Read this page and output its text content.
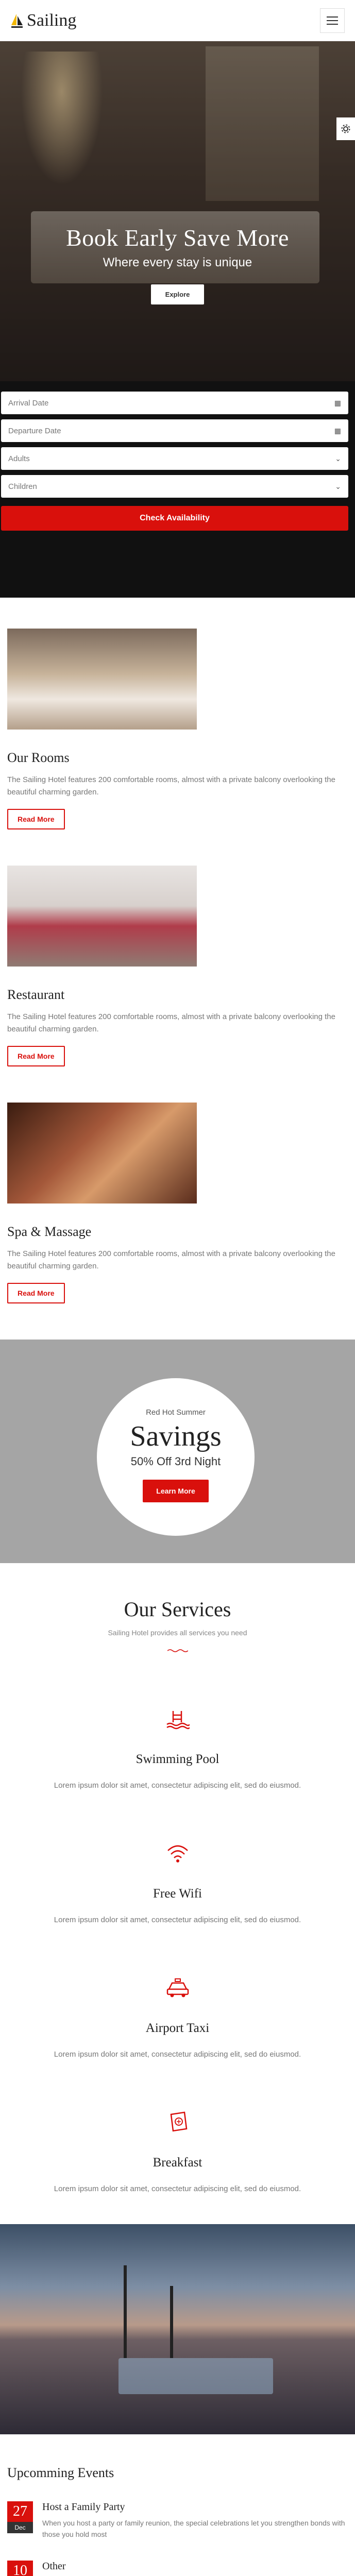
Sailing
Book Early Save More
Where every stay is unique
Explore
Arrival Date	▦
Departure Date	▦
Adults	⌄
Children	⌄
Check Availability
Our Rooms
The Sailing Hotel features 200 comfortable rooms, almost with a private balcony overlooking the beautiful charming garden.
Read More
Restaurant
The Sailing Hotel features 200 comfortable rooms, almost with a private balcony overlooking the beautiful charming garden.
Read More
Spa & Massage
The Sailing Hotel features 200 comfortable rooms, almost with a private balcony overlooking the beautiful charming garden.
Read More
Red Hot Summer
Savings
50% Off 3rd Night
Learn More
Our Services
Sailing Hotel provides all services you need
Swimming Pool
Lorem ipsum dolor sit amet, consectetur adipiscing elit, sed do eiusmod.
Free Wifi
Lorem ipsum dolor sit amet, consectetur adipiscing elit, sed do eiusmod.
Airport Taxi
Lorem ipsum dolor sit amet, consectetur adipiscing elit, sed do eiusmod.
Breakfast
Lorem ipsum dolor sit amet, consectetur adipiscing elit, sed do eiusmod.
Upcomming Events
27
Dec
Host a Family Party
When you host a party or family reunion, the special celebrations let you strengthen bonds with those you hold most
10	Other
